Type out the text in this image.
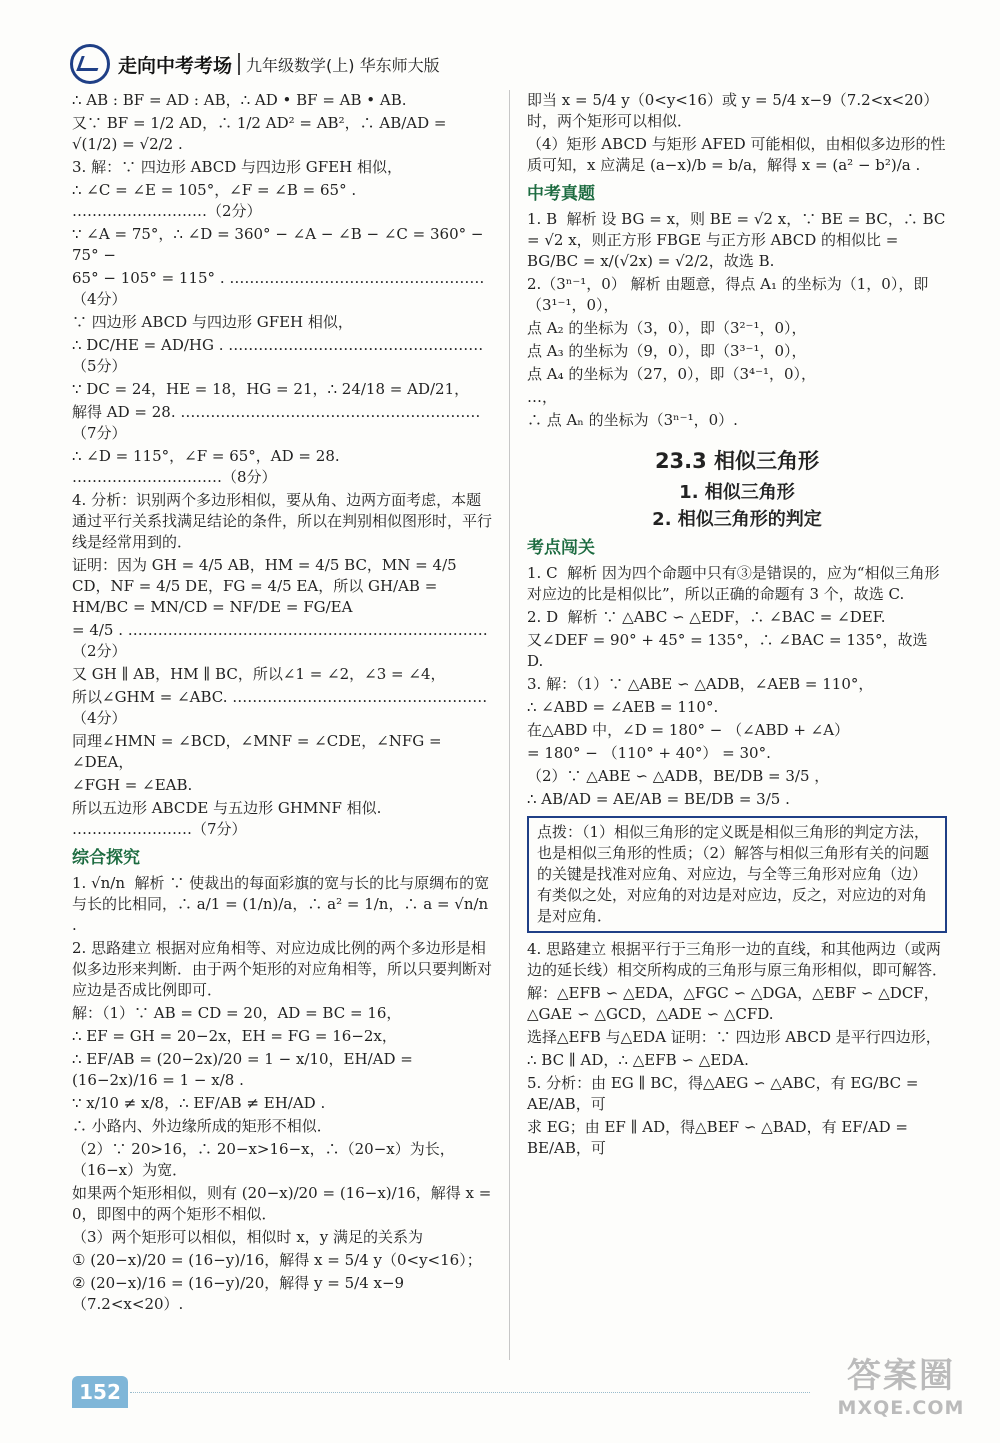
走向中考考场 九年级数学(上) 华东师大版
∴ AB : BF = AD : AB，∴ AD • BF = AB • AB.
又∵ BF = 1/2 AD，∴ 1/2 AD² = AB²，∴ AB/AD = √(1/2) = √2/2 .
3. 解：∵ 四边形 ABCD 与四边形 GFEH 相似，
∴ ∠C = ∠E = 105°，∠F = ∠B = 65° . ………………………（2分）
∵ ∠A = 75°，∴ ∠D = 360° − ∠A − ∠B − ∠C = 360° − 75° −
65° − 105° = 115° . ……………………………………………（4分）
∵ 四边形 ABCD 与四边形 GFEH 相似，
∴ DC/HE = AD/HG . ……………………………………………（5分）
∵ DC = 24，HE = 18，HG = 21，∴ 24/18 = AD/21，
解得 AD = 28. ……………………………………………………（7分）
∴ ∠D = 115°，∠F = 65°，AD = 28. …………………………（8分）
4. 分析：识别两个多边形相似，要从角、边两方面考虑，本题通过平行关系找满足结论的条件，所以在判别相似图形时，平行线是经常用到的．
证明：因为 GH = 4/5 AB，HM = 4/5 BC，MN = 4/5 CD，NF = 4/5 DE，FG = 4/5 EA，所以 GH/AB = HM/BC = MN/CD = NF/DE = FG/EA
= 4/5 . ………………………………………………………………（2分）
又 GH ∥ AB，HM ∥ BC，所以∠1 = ∠2，∠3 = ∠4，
所以∠GHM = ∠ABC. ……………………………………………（4分）
同理∠HMN = ∠BCD，∠MNF = ∠CDE，∠NFG = ∠DEA，
∠FGH = ∠EAB.
所以五边形 ABCDE 与五边形 GHMNF 相似. ……………………（7分）
综合探究
1. √n/n  解析 ∵ 使裁出的每面彩旗的宽与长的比与原绸布的宽与长的比相同，∴ a/1 = (1/n)/a，∴ a² = 1/n，∴ a = √n/n .
2. 思路建立 根据对应角相等、对应边成比例的两个多边形是相似多边形来判断．由于两个矩形的对应角相等，所以只要判断对应边是否成比例即可．
解：（1）∵ AB = CD = 20，AD = BC = 16，
∴ EF = GH = 20−2x，EH = FG = 16−2x，
∴ EF/AB = (20−2x)/20 = 1 − x/10，EH/AD = (16−2x)/16 = 1 − x/8 .
∵ x/10 ≠ x/8，∴ EF/AB ≠ EH/AD .
∴ 小路内、外边缘所成的矩形不相似．
（2）∵ 20>16，∴ 20−x>16−x，∴（20−x）为长，（16−x）为宽．
如果两个矩形相似，则有 (20−x)/20 = (16−x)/16，解得 x = 0，即图中的两个矩形不相似．
（3）两个矩形可以相似，相似时 x，y 满足的关系为
① (20−x)/20 = (16−y)/16，解得 x = 5/4 y（0<y<16）；
② (20−x)/16 = (16−y)/20，解得 y = 5/4 x−9（7.2<x<20）.
即当 x = 5/4 y（0<y<16）或 y = 5/4 x−9（7.2<x<20）时，两个矩形可以相似．
（4）矩形 ABCD 与矩形 AFED 可能相似，由相似多边形的性质可知，x 应满足 (a−x)/b = b/a，解得 x = (a² − b²)/a .
中考真题
1. B  解析 设 BG = x，则 BE = √2 x，∵ BE = BC，∴ BC = √2 x，则正方形 FBGE 与正方形 ABCD 的相似比 = BG/BC = x/(√2x) = √2/2，故选 B.
2.（3ⁿ⁻¹，0） 解析 由题意，得点 A₁ 的坐标为（1，0），即（3¹⁻¹，0），
点 A₂ 的坐标为（3，0），即（3²⁻¹，0），
点 A₃ 的坐标为（9，0），即（3³⁻¹，0），
点 A₄ 的坐标为（27，0），即（3⁴⁻¹，0），
…，
∴ 点 Aₙ 的坐标为（3ⁿ⁻¹，0）.
23.3 相似三角形
1. 相似三角形
2. 相似三角形的判定
考点闯关
1. C  解析 因为四个命题中只有③是错误的，应为“相似三角形对应边的比是相似比”，所以正确的命题有 3 个，故选 C.
2. D  解析 ∵ △ABC ∽ △EDF，∴ ∠BAC = ∠DEF.
又∠DEF = 90° + 45° = 135°，∴ ∠BAC = 135°，故选 D.
3. 解：（1）∵ △ABE ∽ △ADB，∠AEB = 110°，
∴ ∠ABD = ∠AEB = 110°.
在△ABD 中，∠D = 180° − （∠ABD + ∠A）
= 180° − （110° + 40°） = 30°.
（2）∵ △ABE ∽ △ADB，BE/DB = 3/5 ，
∴ AB/AD = AE/AB = BE/DB = 3/5 .
点拨：（1）相似三角形的定义既是相似三角形的判定方法，也是相似三角形的性质；（2）解答与相似三角形有关的问题的关键是找准对应角、对应边，与全等三角形对应角（边）有类似之处，对应角的对边是对应边，反之，对应边的对角是对应角．
4. 思路建立 根据平行于三角形一边的直线，和其他两边（或两边的延长线）相交所构成的三角形与原三角形相似，即可解答．
解：△EFB ∽ △EDA，△FGC ∽ △DGA，△EBF ∽ △DCF，△GAE ∽ △GCD，△ADE ∽ △CFD.
选择△EFB 与△EDA 证明：∵ 四边形 ABCD 是平行四边形，
∴ BC ∥ AD，∴ △EFB ∽ △EDA.
5. 分析：由 EG ∥ BC，得△AEG ∽ △ABC，有 EG/BC = AE/AB，可
求 EG；由 EF ∥ AD，得△BEF ∽ △BAD，有 EF/AD = BE/AB，可
152	答案圈
MXQE.COM
